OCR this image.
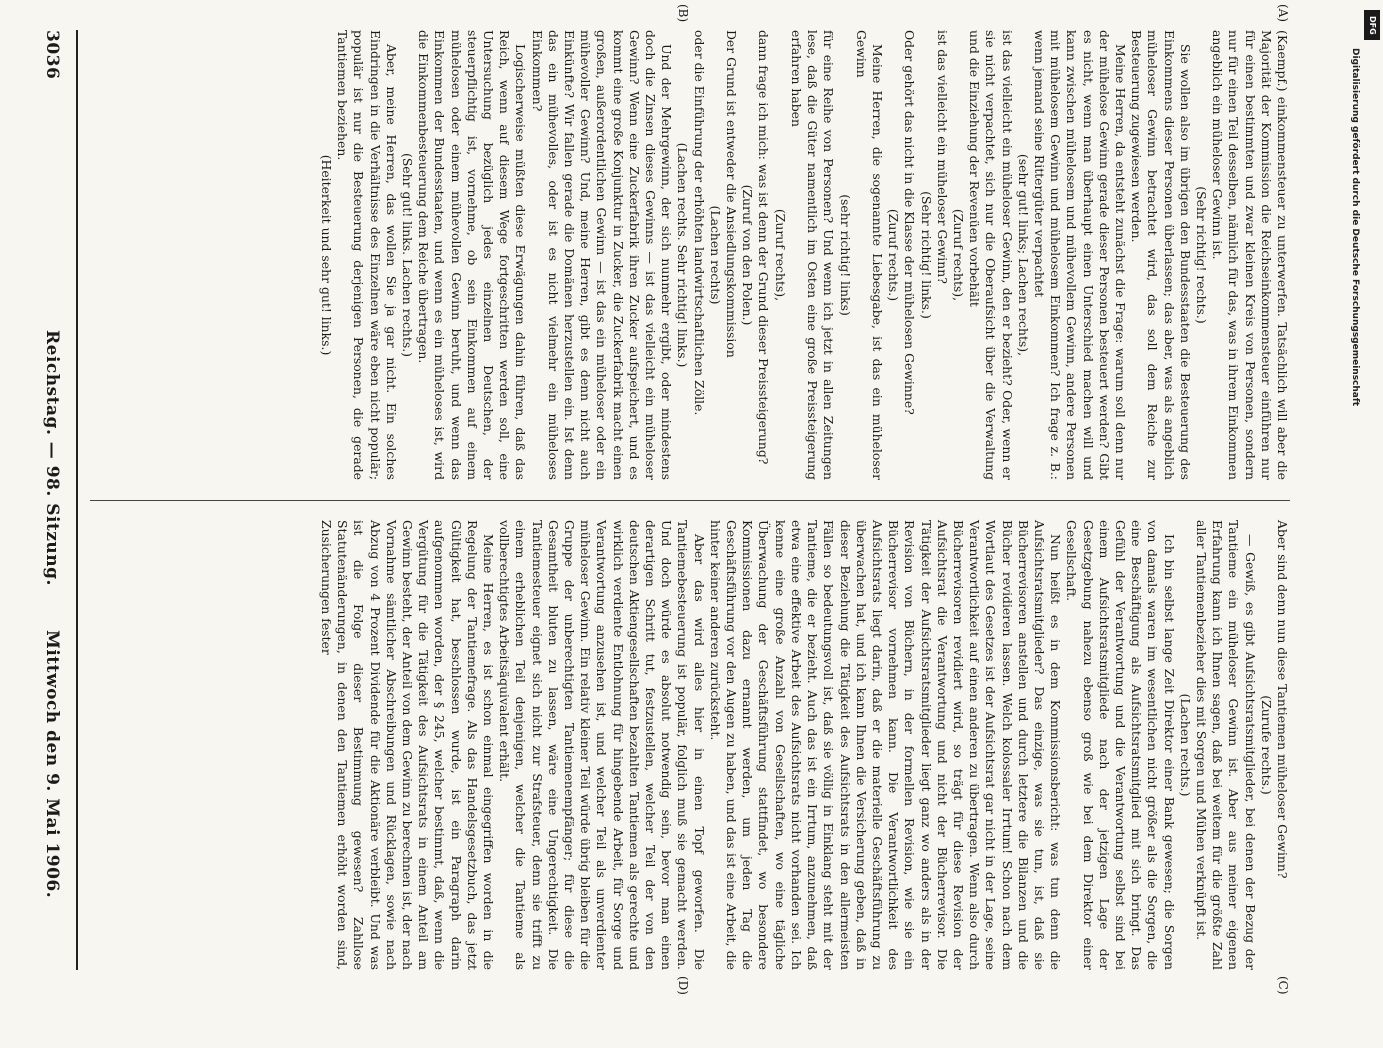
3036
Reichstag. — 98. Sitzung.
Mittwoch den 9. Mai 1906.

(Kaempf.) einkommensteuer zu unterwerfen. Tatsächlich will aber die Majorität der Kommission die Reichseinkommensteuer einführen nur für einen bestimmten und zwar kleinen Kreis von Personen, sondern nur für einen Teil desselben, nämlich für das, was in ihrem Einkommen angeblich ein müheloser Gewinn ist.

(Sehr richtig! rechts.)

Sie wollen also im übrigen den Bundesstaaten die Besteuerung des Einkommens dieser Personen überlassen; das aber, was als angeblich müheloser Gewinn betrachtet wird, das soll dem Reiche zur Besteuerung zugewiesen werden.

Meine Herren, da entsteht zunächst die Frage: warum soll denn nur der mühelose Gewinn gerade dieser Personen besteuert werden? Gibt es nicht, wenn man überhaupt einen Unterschied machen will und kann zwischen mühelosem und mühevollem Gewinn, andere Personen mit mühelosem Gewinn und mühelosem Einkommen? Ich frage z. B.: wenn jemand seine Rittergüter verpachtet

(sehr gut! links; Lachen rechts),

ist das vielleicht ein müheloser Gewinn, den er bezieht? Oder, wenn er sie nicht verpachtet, sich nur die Oberaufsicht über die Verwaltung und die Einziehung der Revenüen vorbehält

(Zuruf rechts),

ist das vielleicht ein müheloser Gewinn?

(Sehr richtig! links.)

Oder gehört das nicht in die Klasse der mühelosen Gewinne?

(Zuruf rechts.)

Meine Herren, die sogenannte Liebesgabe, ist das ein müheloser Gewinn

(sehr richtig! links)

für eine Reihe von Personen? Und wenn ich jetzt in allen Zeitungen lese, daß die Güter namentlich im Osten eine große Preissteigerung erfahren haben

(Zuruf rechts),

dann frage ich mich: was ist denn der Grund dieser Preissteigerung?

(Zuruf von den Polen.)

Der Grund ist entweder die Ansiedlungskommission

(Lachen rechts)

oder die Einführung der erhöhten landwirtschaftlichen Zölle.

(Lachen rechts. Sehr richtig! links.)

Und der Mehrgewinn, der sich nunmehr ergibt, oder mindestens doch die Zinsen dieses Gewinns — ist das vielleicht ein müheloser Gewinn? Wenn eine Zuckerfabrik ihren Zucker aufspeichert, und es kommt eine große Konjunktur in Zucker, die Zuckerfabrik macht einen großen, außerordentlichen Gewinn — ist das ein müheloser oder ein mühevoller Gewinn? Und, meine Herren, gibt es denn nicht auch Einkünfte? Wir fallen gerade die Domänen herzustellen ein. Ist denn das ein mühevolles, oder ist es nicht vielmehr ein müheloses Einkommen?

Logischerweise müßten diese Erwägungen dahin führen, daß das Reich, wenn auf diesem Wege fortgeschritten werden soll, eine Untersuchung bezüglich jedes einzelnen Deutschen, der steuerpflichtig ist, vornehme, ob sein Einkommen auf einem mühelosen oder einem mühevollen Gewinn beruht, und wenn das Einkommen der Bundesstaaten, und wenn es ein müheloses ist, wird die Einkommenbesteuerung dem Reiche übertragen.

(Sehr gut! links. Lachen rechts.)

Aber, meine Herren, das wollen Sie ja gar nicht. Ein solches Eindringen in die Verhältnisse des Einzelnen wäre eben nicht populär; populär ist nur die Besteuerung derjenigen Personen, die gerade Tantiemen beziehen.

(Heiterkeit und sehr gut! links.)

Aber sind denn nun diese Tantiemen müheloser Gewinn?

(Zurufe rechts.)

— Gewiß, es gibt Aufsichtsratsmitglieder, bei denen der Bezug der Tantieme ein müheloser Gewinn ist. Aber aus meiner eigenen Erfahrung kann ich Ihnen sagen, daß bei weitem für die größte Zahl aller Tantiemenbezieher dies mit Sorgen und Mühen verknüpft ist.

(Lachen rechts.)

Ich bin selbst lange Zeit Direktor einer Bank gewesen; die Sorgen von damals waren im wesentlichen nicht größer als die Sorgen, die eine Beschäftigung als Aufsichtsratsmitglied mit sich bringt. Das Gefühl der Verantwortung und die Verantwortung selbst sind bei einem Aufsichtsratsmitgliede nach der jetzigen Lage der Gesetzgebung nahezu ebenso groß wie bei dem Direktor einer Gesellschaft.

Nun heißt es in dem Kommissionsbericht: was tun denn die Aufsichtsratsmitglieder? Das einzige, was sie tun, ist, daß sie Bücherrevisoren anstellen und durch letztere die Bilanzen und die Bücher revidieren lassen. Welch kolossaler Irrtum! Schon nach dem Wortlaut des Gesetzes ist der Aufsichtsrat gar nicht in der Lage, seine Verantwortlichkeit auf einen anderen zu übertragen. Wenn also durch Bücherrevisoren revidiert wird, so trägt für diese Revision der Aufsichtsrat die Verantwortung und nicht der Bücherrevisor. Die Tätigkeit der Aufsichtsratsmitglieder liegt ganz wo anders als in der Revision von Büchern, in der formellen Revision, wie sie ein Bücherrevisor vornehmen kann. Die Verantwortlichkeit des Aufsichtsrats liegt darin, daß er die materielle Geschäftsführung zu überwachen hat, und ich kann Ihnen die Versicherung geben, daß in dieser Beziehung die Tätigkeit des Aufsichtsrats in den allermeisten Fällen so bedeutungsvoll ist, daß sie völlig in Einklang steht mit der Tantieme, die er bezieht. Auch das ist ein Irrtum, anzunehmen, daß etwa eine effektive Arbeit des Aufsichtsrats nicht vorhanden sei. Ich kenne eine große Anzahl von Gesellschaften, wo eine tägliche Überwachung der Geschäftsführung stattfindet, wo besondere Kommissionen dazu ernannt werden, um jeden Tag die Geschäftsführung vor den Augen zu haben, und das ist eine Arbeit, die hinter keiner anderen zurücksteht.

Aber das wird alles hier in einen Topf geworfen. Die Tantiemebesteuerung ist populär, folglich muß sie gemacht werden. Und doch würde es absolut notwendig sein, bevor man einen derartigen Schritt tut, festzustellen, welcher Teil der von den deutschen Aktiengesellschaften bezahlten Tantiemen als gerechte und wirklich verdiente Entlohnung für hingebende Arbeit, für Sorge und Verantwortung anzusehen ist, und welcher Teil als unverdienter müheloser Gewinn. Ein relativ kleiner Teil würde übrig bleiben für die Gruppe der unberechtigten Tantiemenempfänger; für diese die Gesamtheit bluten zu lassen, wäre eine Ungerechtigkeit. Die Tantiemesteuer eignet sich nicht zur Strafsteuer, denn sie trifft zu einem erheblichen Teil denjenigen, welcher die Tantieme als vollberechtigtes Arbeitsäquivalent erhält.

Meine Herren, es ist schon einmal eingegriffen worden in die Regelung der Tantiemefrage. Als das Handelsgesetzbuch, das jetzt Gültigkeit hat, beschlossen wurde, ist ein Paragraph darin aufgenommen worden, der § 245, welcher bestimmt, daß, wenn die Vergütung für die Tätigkeit des Aufsichtsrats in einem Anteil am Gewinn besteht, der Anteil von dem Gewinn zu berechnen ist, der nach Vornahme sämtlicher Abschreibungen und Rücklagen, sowie nach Abzug von 4 Prozent Dividende für die Aktionäre verbleibt. Und was ist die Folge dieser Bestimmung gewesen? Zahllose Statutenänderungen, in denen den Tantiemen erhöht worden sind, Zusicherungen fester

(A)
(B)
(C)
(D)
DFG
Digitalisierung gefördert durch die Deutsche Forschungsgemeinschaft
